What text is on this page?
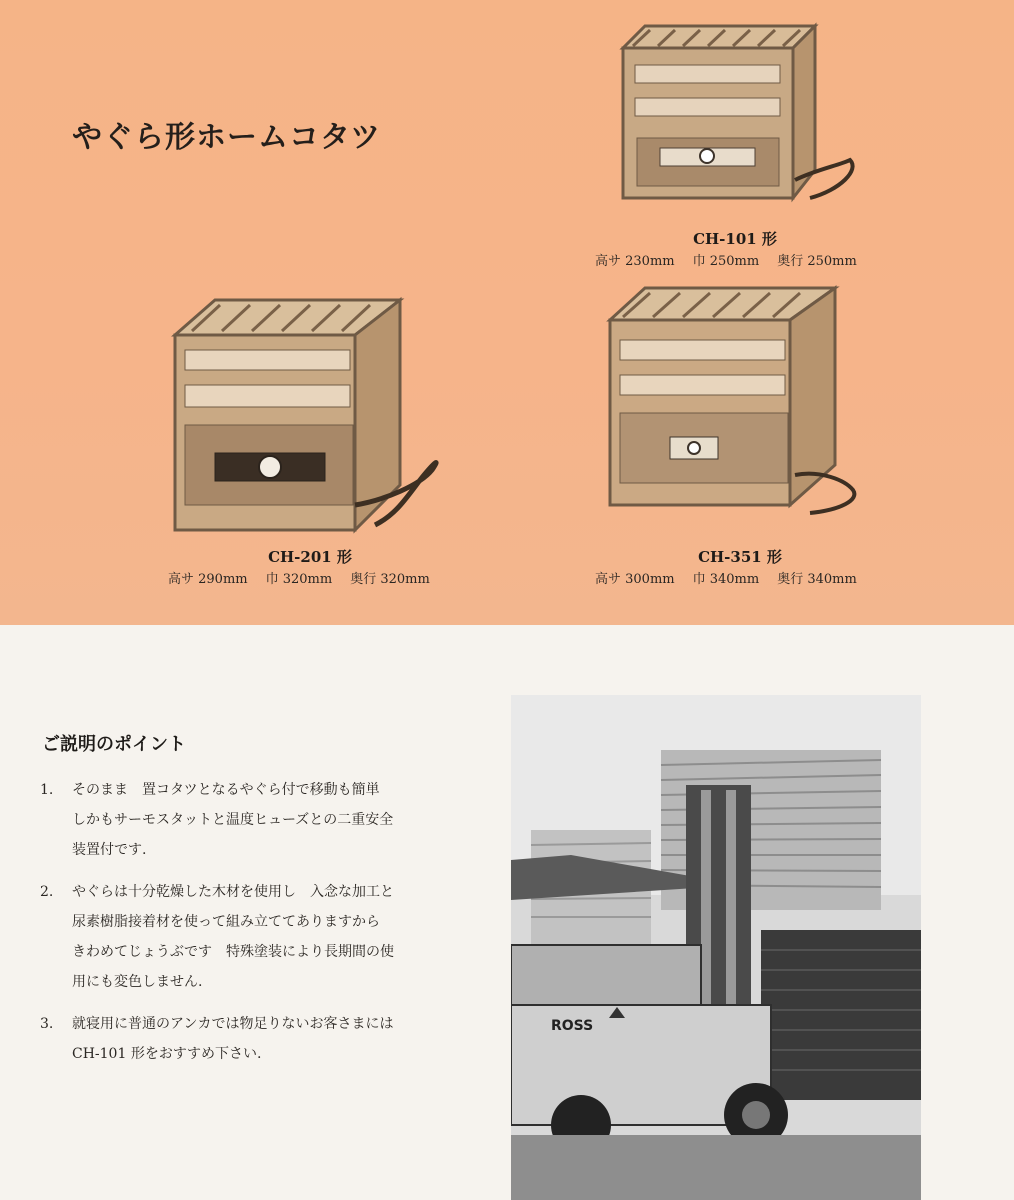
やぐら形ホームコタツ
CH-101 形
高サ 230mm 巾 250mm 奥行 250mm
CH-201 形
高サ 290mm 巾 320mm 奥行 320mm
CH-351 形
高サ 300mm 巾 340mm 奥行 340mm
ご説明のポイント
1. そのまま　置コタツとなるやぐら付で移動も簡単
しかもサーモスタットと温度ヒューズとの二重安全
装置付です.
2. やぐらは十分乾燥した木材を使用し　入念な加工と
尿素樹脂接着材を使って組み立ててありますから
きわめてじょうぶです　特殊塗装により長期間の使
用にも変色しません.
3. 就寝用に普通のアンカでは物足りないお客さまには
CH-101 形をおすすめ下さい.
ROSS
